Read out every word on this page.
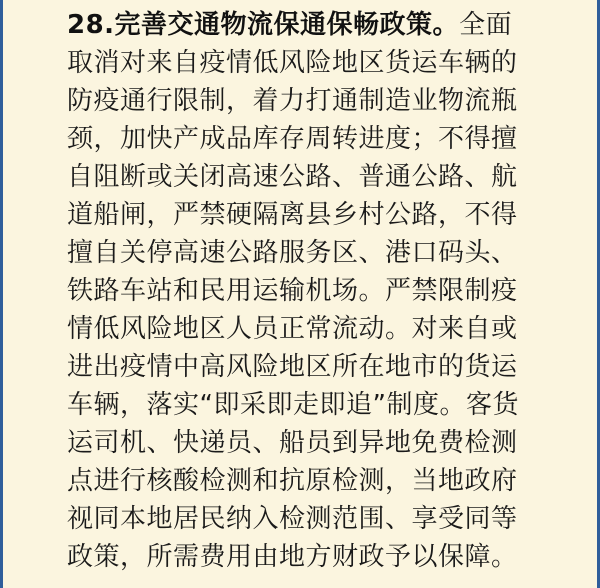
28.完善交通物流保通保畅政策。全面
取消对来自疫情低风险地区货运车辆的
防疫通行限制，着力打通制造业物流瓶
颈，加快产成品库存周转进度；不得擅
自阻断或关闭高速公路、普通公路、航
道船闸，严禁硬隔离县乡村公路，不得
擅自关停高速公路服务区、港口码头、
铁路车站和民用运输机场。严禁限制疫
情低风险地区人员正常流动。对来自或
进出疫情中高风险地区所在地市的货运
车辆，落实“即采即走即追”制度。客货
运司机、快递员、船员到异地免费检测
点进行核酸检测和抗原检测，当地政府
视同本地居民纳入检测范围、享受同等
政策，所需费用由地方财政予以保障。
